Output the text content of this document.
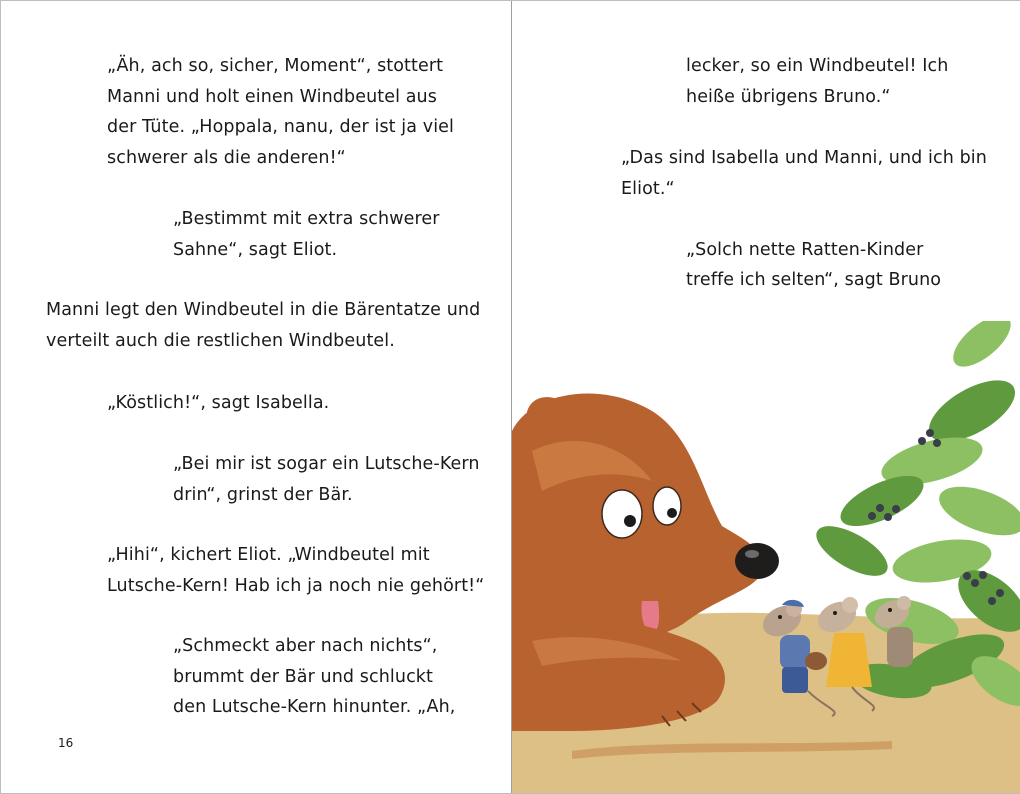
„Äh, ach so, sicher, Moment“, stottert
Manni und holt einen Windbeutel aus
der Tüte. „Hoppala, nanu, der ist ja viel
schwerer als die anderen!“
„Bestimmt mit extra schwerer
Sahne“, sagt Eliot.
Manni legt den Windbeutel in die Bärentatze und
verteilt auch die restlichen Windbeutel.
„Köstlich!“, sagt Isabella.
„Bei mir ist sogar ein Lutsche-Kern
drin“, grinst der Bär.
„Hihi“, kichert Eliot. „Windbeutel mit
Lutsche-Kern! Hab ich ja noch nie gehört!“
„Schmeckt aber nach nichts“,
brummt der Bär und schluckt
den Lutsche-Kern hinunter. „Ah,
16
lecker, so ein Windbeutel! Ich
heiße übrigens Bruno.“
„Das sind Isabella und Manni, und ich bin
Eliot.“
„Solch nette Ratten-Kinder
treffe ich selten“, sagt Bruno
